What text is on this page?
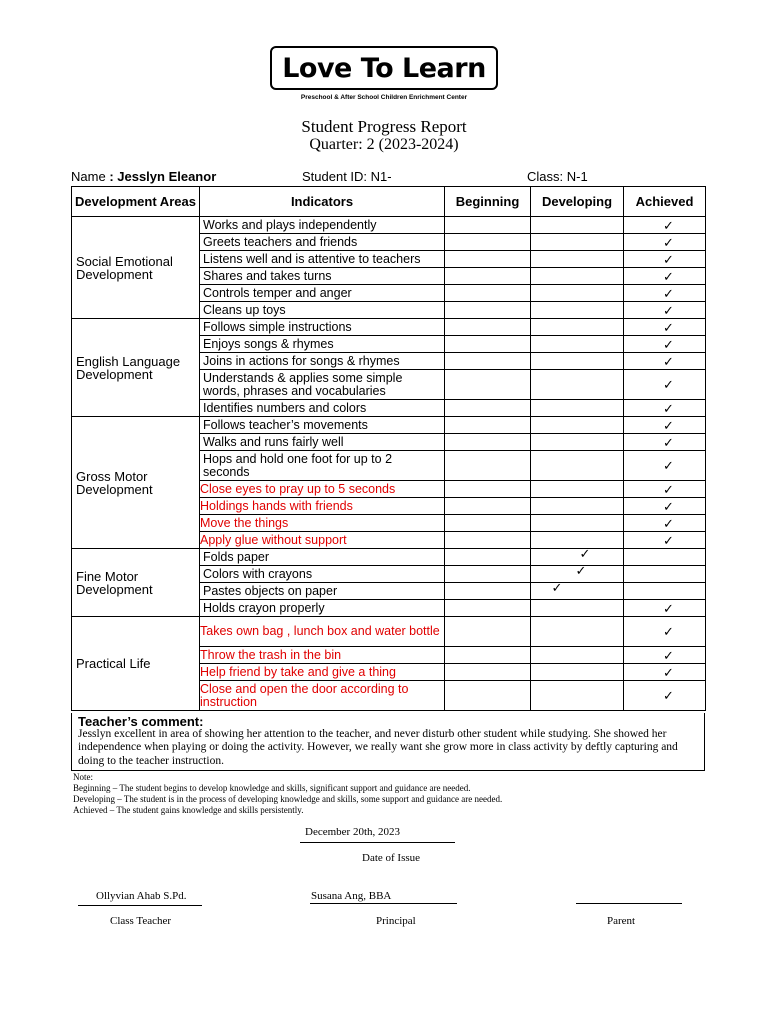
Love To Learn
Preschool & After School Children Enrichment Center
Student Progress Report
Quarter: 2 (2023-2024)
Name : Jesslyn Eleanor	Student ID: N1-	Class: N-1
Development Areas	Indicators	Beginning	Developing	Achieved
Social Emotional Development	Works and plays independently			✓
	Greets teachers and friends			✓
	Listens well and is attentive to teachers			✓
	Shares and takes turns			✓
	Controls temper and anger			✓
	Cleans up toys			✓
English Language Development	Follows simple instructions			✓
	Enjoys songs & rhymes			✓
	Joins in actions for songs & rhymes			✓
	Understands & applies some simple words, phrases and vocabularies			✓
	Identifies numbers and colors			✓
Gross Motor Development	Follows teacher’s movements			✓
	Walks and runs fairly well			✓
	Hops and hold one foot for up to 2 seconds			✓
	Close eyes to pray up to 5 seconds			✓
	Holdings hands with friends			✓
	Move the things			✓
	Apply glue without support			✓
Fine Motor Development	Folds paper		✓	
	Colors with crayons		✓	
	Pastes objects on paper		✓	
	Holds crayon properly			✓
Practical Life	Takes own bag , lunch box and water bottle			✓
	Throw the trash in the bin			✓
	Help friend by take and give a thing			✓
	Close and open the door according to instruction			✓
Teacher’s comment:
Jesslyn excellent in area of showing her attention to the teacher, and never disturb other student while studying. She showed her independence when playing or doing the activity. However, we really want she grow more in class activity by deftly capturing and doing to the teacher instruction.
Note:
Beginning – The student begins to develop knowledge and skills, significant support and guidance are needed.
Developing – The student is in the process of developing knowledge and skills, some support and guidance are needed.
Achieved – The student gains knowledge and skills persistently.
December 20th, 2023
Date of Issue
Ollyvian Ahab S.Pd.
Class Teacher
Susana Ang, BBA
Principal	Parent
